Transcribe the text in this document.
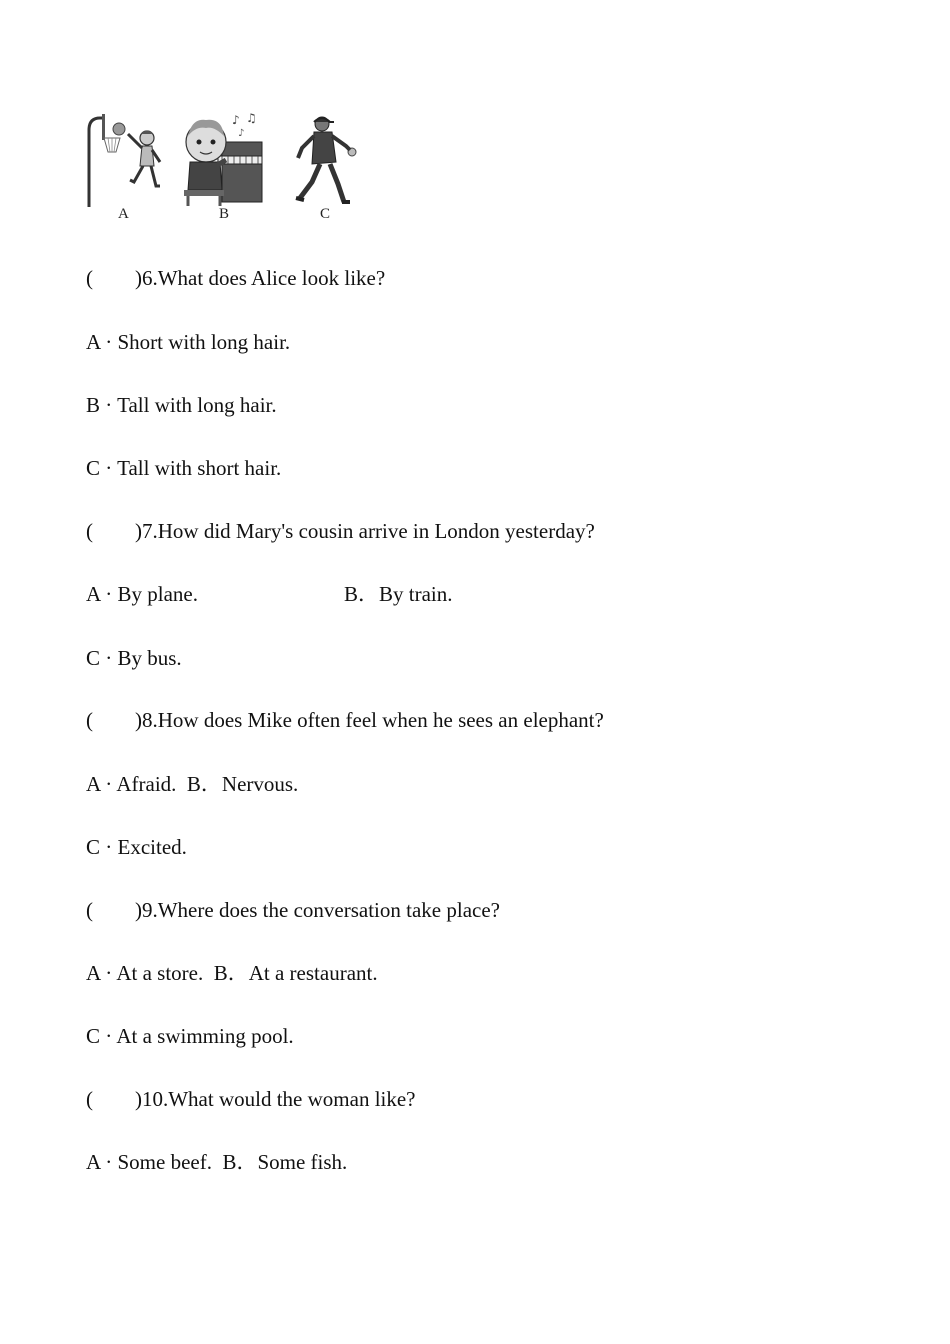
A
♪ ♫
♪
B	C
(        )6.What does Alice look like?
A · Short with long hair.
B · Tall with long hair.
C · Tall with short hair.
(        )7.How did Mary's cousin arrive in London yesterday?
A · By plane.	B．By train.
C · By bus.
(        )8.How does Mike often feel when he sees an elephant?
A · Afraid.  B．Nervous.
C · Excited.
(        )9.Where does the conversation take place?
A · At a store.  B．At a restaurant.
C · At a swimming pool.
(        )10.What would the woman like?
A · Some beef.  B．Some fish.
